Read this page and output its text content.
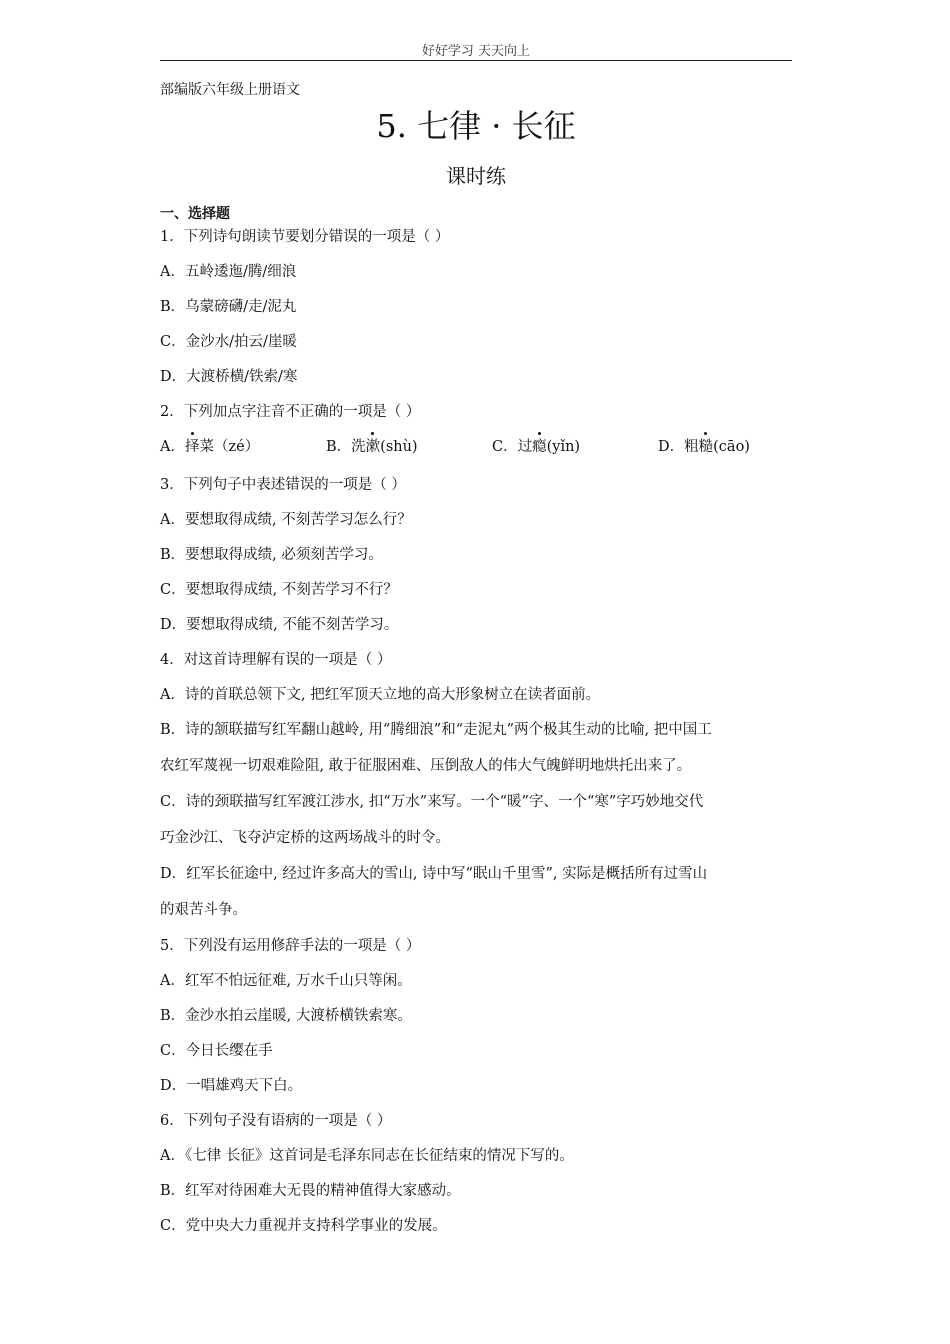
好好学习 天天向上
部编版六年级上册语文
5. 七律 · 长征
课时练
一、选择题
1．下列诗句朗读节要划分错误的一项是（ ）
A．五岭逶迤/腾/细浪
B．乌蒙磅礴/走/泥丸
C．金沙水/拍云/崖暖
D．大渡桥横/铁索/寒
2．下列加点字注音不正确的一项是（ ）
A．择菜（zé）	B．洗漱(shù)	C．过瘾(yǐn)	D．粗糙(cāo)
3．下列句子中表述错误的一项是（ ）
A．要想取得成绩, 不刻苦学习怎么行？
B．要想取得成绩, 必须刻苦学习。
C．要想取得成绩, 不刻苦学习不行？
D．要想取得成绩, 不能不刻苦学习。
4．对这首诗理解有误的一项是（ ）
A．诗的首联总领下文, 把红军顶天立地的高大形象树立在读者面前。
B．诗的颔联描写红军翻山越岭, 用“腾细浪”和“走泥丸”两个极其生动的比喻, 把中国工
农红军蔑视一切艰难险阻, 敢于征服困难、压倒敌人的伟大气魄鲜明地烘托出来了。
C．诗的颈联描写红军渡江涉水, 扣“万水”来写。一个“暖”字、一个“寒”字巧妙地交代
巧金沙江、飞夺泸定桥的这两场战斗的时令。
D．红军长征途中, 经过许多高大的雪山, 诗中写“眠山千里雪”, 实际是概括所有过雪山
的艰苦斗争。
5．下列没有运用修辞手法的一项是（ ）
A．红军不怕远征难, 万水千山只等闲。
B．金沙水拍云崖暖, 大渡桥横铁索寒。
C．今日长缨在手
D．一唱雄鸡天下白。
6．下列句子没有语病的一项是（ ）
A．《七律 长征》这首词是毛泽东同志在长征结束的情况下写的。
B．红军对待困难大无畏的精神值得大家感动。
C．党中央大力重视并支持科学事业的发展。
